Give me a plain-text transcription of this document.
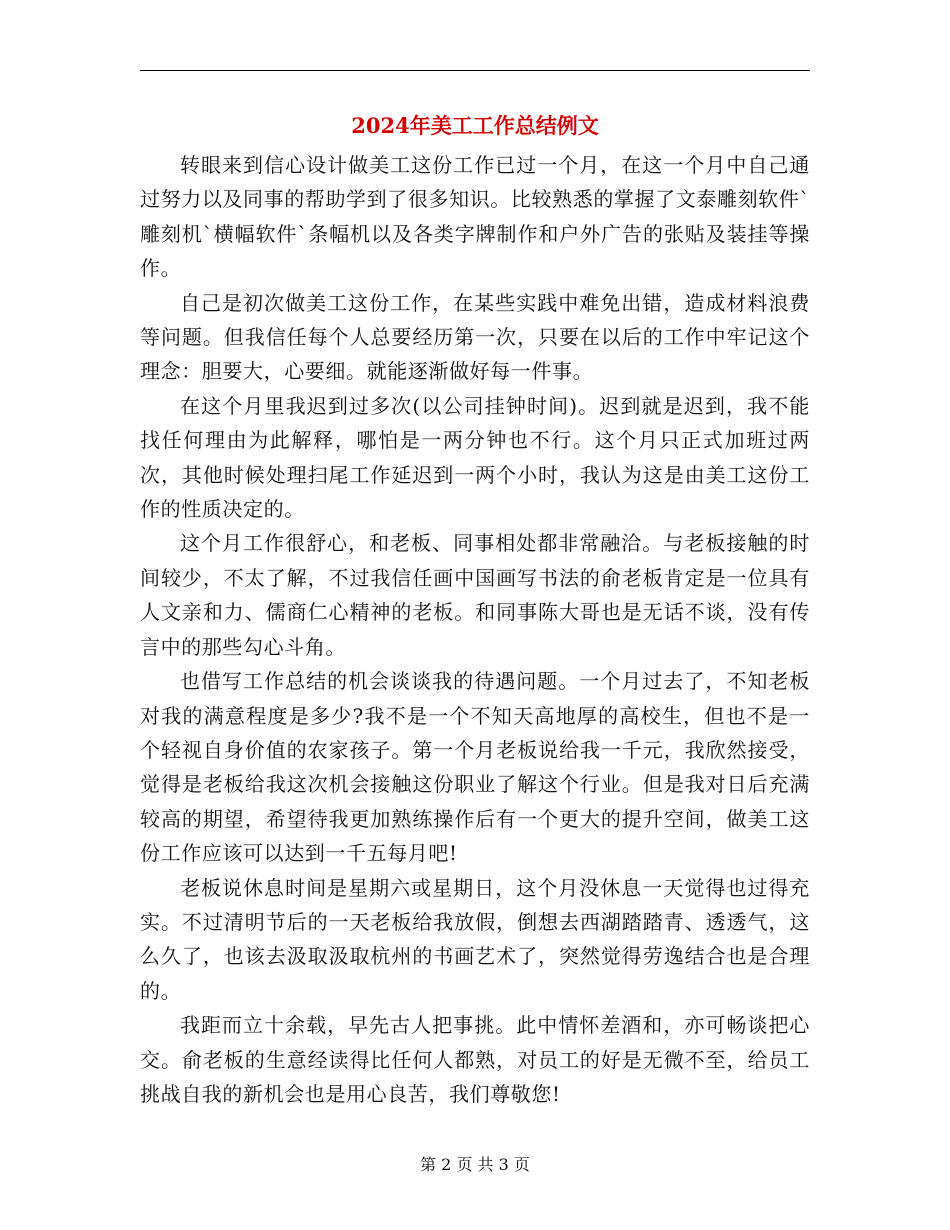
2024年美工工作总结例文

转眼来到信心设计做美工这份工作已过一个月，在这一个月中自己通过努力以及同事的帮助学到了很多知识。比较熟悉的掌握了文泰雕刻软件`雕刻机`横幅软件`条幅机以及各类字牌制作和户外广告的张贴及装挂等操作。

自己是初次做美工这份工作，在某些实践中难免出错，造成材料浪费等问题。但我信任每个人总要经历第一次，只要在以后的工作中牢记这个理念：胆要大，心要细。就能逐渐做好每一件事。

在这个月里我迟到过多次(以公司挂钟时间)。迟到就是迟到，我不能找任何理由为此解释，哪怕是一两分钟也不行。这个月只正式加班过两次，其他时候处理扫尾工作延迟到一两个小时，我认为这是由美工这份工作的性质决定的。

这个月工作很舒心，和老板、同事相处都非常融洽。与老板接触的时间较少，不太了解，不过我信任画中国画写书法的俞老板肯定是一位具有人文亲和力、儒商仁心精神的老板。和同事陈大哥也是无话不谈，没有传言中的那些勾心斗角。

也借写工作总结的机会谈谈我的待遇问题。一个月过去了，不知老板对我的满意程度是多少?我不是一个不知天高地厚的高校生，但也不是一个轻视自身价值的农家孩子。第一个月老板说给我一千元，我欣然接受，觉得是老板给我这次机会接触这份职业了解这个行业。但是我对日后充满较高的期望，希望待我更加熟练操作后有一个更大的提升空间，做美工这份工作应该可以达到一千五每月吧!

老板说休息时间是星期六或星期日，这个月没休息一天觉得也过得充实。不过清明节后的一天老板给我放假，倒想去西湖踏踏青、透透气，这么久了，也该去汲取汲取杭州的书画艺术了，突然觉得劳逸结合也是合理的。

我距而立十余载，早先古人把事挑。此中情怀差酒和，亦可畅谈把心交。俞老板的生意经读得比任何人都熟，对员工的好是无微不至，给员工挑战自我的新机会也是用心良苦，我们尊敬您!

第 2 页 共 3 页
